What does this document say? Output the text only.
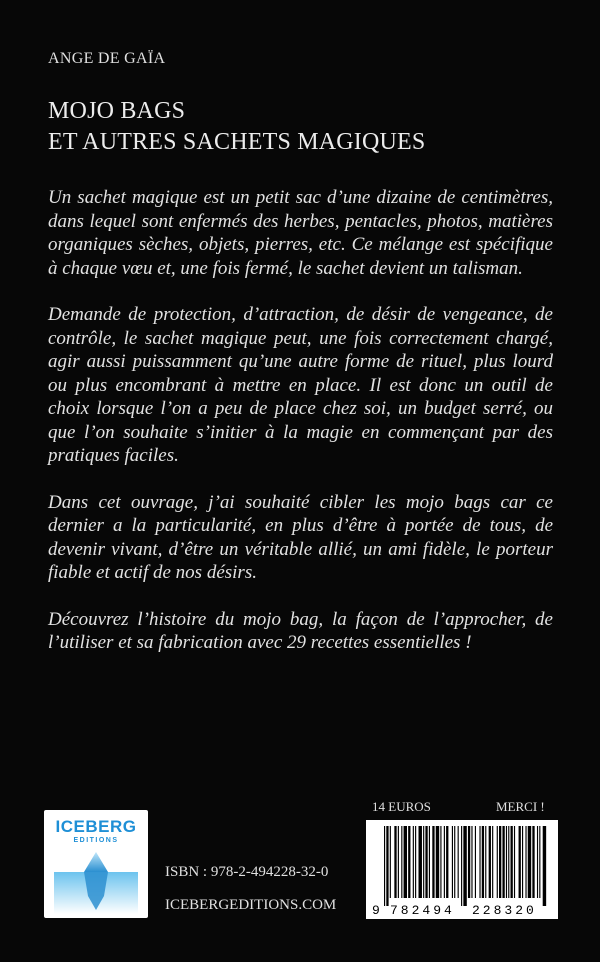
ANGE DE GAÏA
MOJO BAGS
ET AUTRES SACHETS MAGIQUES

Un sachet magique est un petit sac d’une dizaine de centimètres, dans lequel sont enfermés des herbes, pentacles, photos, matières organiques sèches, objets, pierres, etc. Ce mélange est spécifique à chaque vœu et, une fois fermé, le sachet devient un talisman.

Demande de protection, d’attraction, de désir de vengeance, de contrôle, le sachet magique peut, une fois correctement chargé, agir aussi puissamment qu’une autre forme de rituel, plus lourd ou plus encombrant à mettre en place. Il est donc un outil de choix lorsque l’on a peu de place chez soi, un budget serré, ou que l’on souhaite s’initier à la magie en commençant par des pratiques faciles.

Dans cet ouvrage, j’ai souhaité cibler les mojo bags car ce dernier a la particularité, en plus d’être à portée de tous, de devenir vivant, d’être un véritable allié, un ami fidèle, le porteur fiable et actif de nos désirs.

Découvrez l’histoire du mojo bag, la façon de l’approcher, de l’utiliser et sa fabrication avec 29 recettes essentielles !

ICEBERG
EDITIONS
ISBN : 978-2-494228-32-0
ICEBERGEDITIONS.COM
14 EUROS	MERCI !
9 782494 228320
